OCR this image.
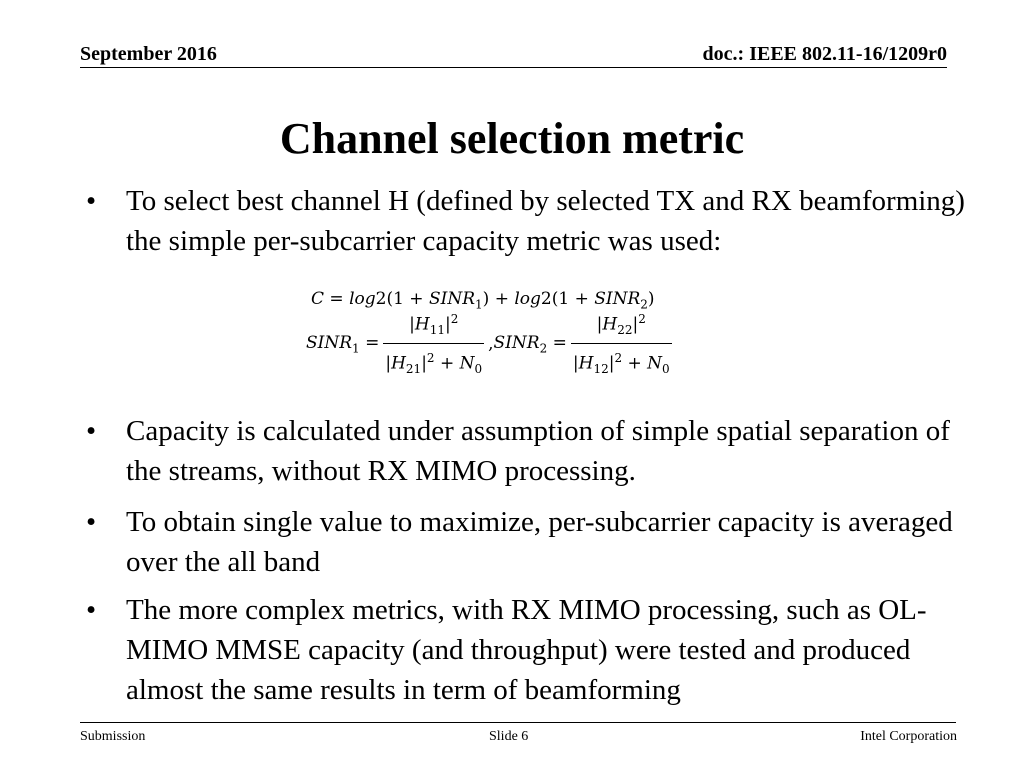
September 2016	doc.: IEEE 802.11-16/1209r0
Channel selection metric
• To select best channel H (defined by selected TX and RX beamforming) the simple per-subcarrier capacity metric was used:
$C = \log 2(1 + SINR_1) + \log 2(1$ + $SINR_2$)
$SINR_1 = \frac{|H_{11}|^2}{|H_{21}|^2 + N_0}$ , $SINR_2 = \frac{|H_{22}|^2}{|H_{12}|^2 + N_0}$
• Capacity is calculated under assumption of simple spatial separation of the streams, without RX MIMO processing.
• To obtain single value to maximize, per-subcarrier capacity is averaged over the all band
• The more complex metrics, with RX MIMO processing, such as OL-MIMO MMSE capacity (and throughput) were tested and produced almost the same results in term of beamforming
Submission	Slide 6	Intel Corporation
